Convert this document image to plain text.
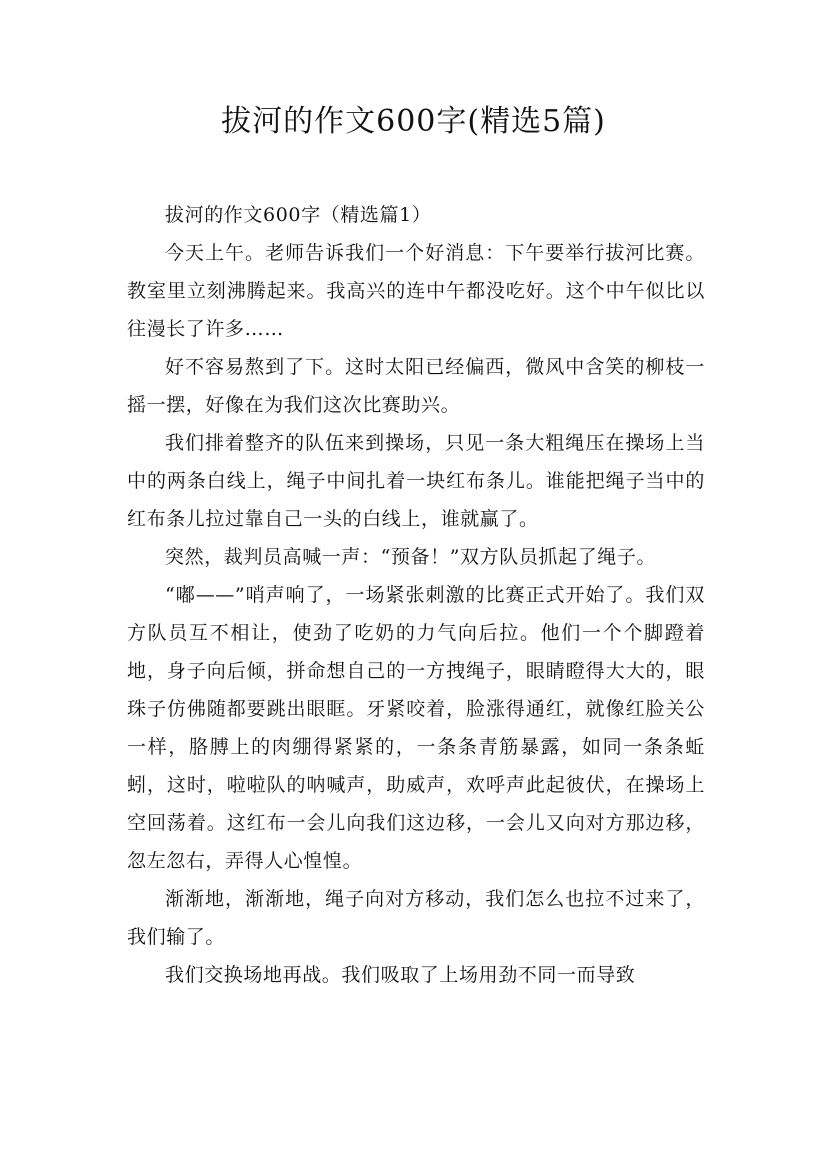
拔河的作文600字(精选5篇)

拔河的作文600字（精选篇1）

今天上午。老师告诉我们一个好消息：下午要举行拔河比赛。教室里立刻沸腾起来。我高兴的连中午都没吃好。这个中午似比以往漫长了许多……

好不容易熬到了下。这时太阳已经偏西，微风中含笑的柳枝一摇一摆，好像在为我们这次比赛助兴。

我们排着整齐的队伍来到操场，只见一条大粗绳压在操场上当中的两条白线上，绳子中间扎着一块红布条儿。谁能把绳子当中的红布条儿拉过靠自己一头的白线上，谁就赢了。

突然，裁判员高喊一声：“预备！”双方队员抓起了绳子。

“嘟——”哨声响了，一场紧张刺激的比赛正式开始了。我们双方队员互不相让，使劲了吃奶的力气向后拉。他们一个个脚蹬着地，身子向后倾，拼命想自己的一方拽绳子，眼睛瞪得大大的，眼珠子仿佛随都要跳出眼眶。牙紧咬着，脸涨得通红，就像红脸关公一样，胳膊上的肉绷得紧紧的，一条条青筋暴露，如同一条条蚯蚓，这时，啦啦队的呐喊声，助威声，欢呼声此起彼伏，在操场上空回荡着。这红布一会儿向我们这边移，一会儿又向对方那边移，忽左忽右，弄得人心惶惶。

渐渐地，渐渐地，绳子向对方移动，我们怎么也拉不过来了，我们输了。

我们交换场地再战。我们吸取了上场用劲不同一而导致
